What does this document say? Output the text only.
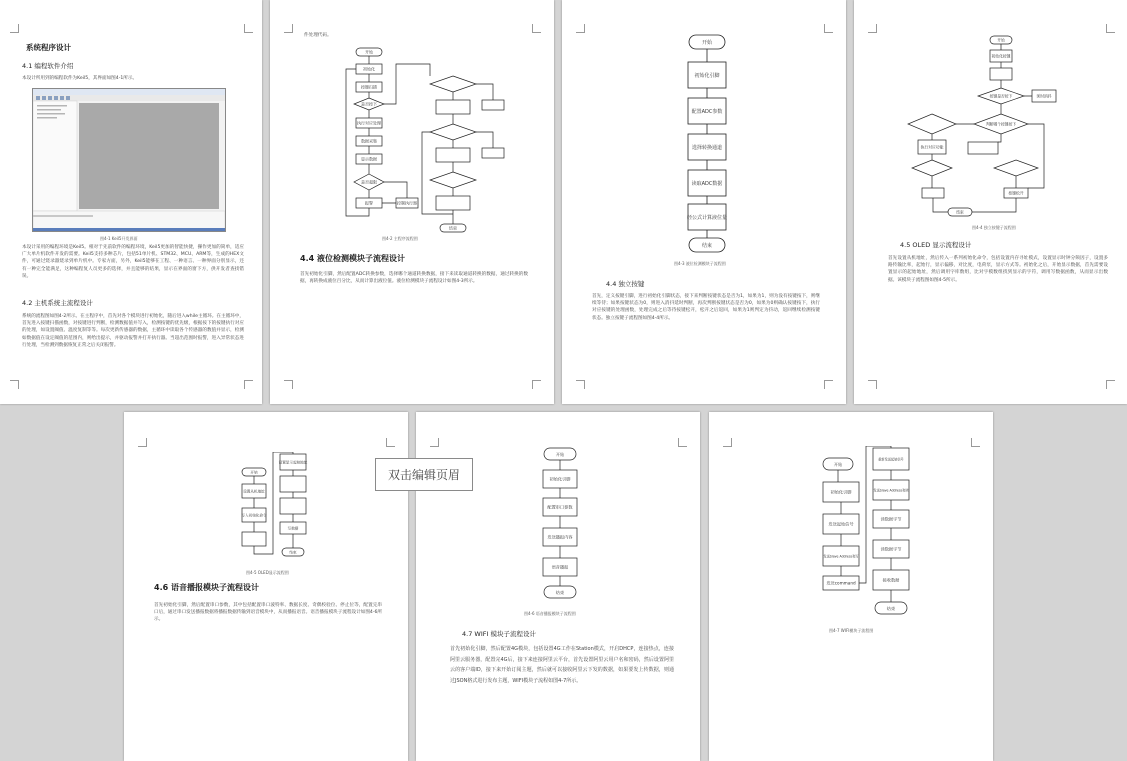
系统程序设计
4.1 编程软件介绍
本设计所用到的编程软件为Keil5，其界面如图4-1所示。
图4-1 Keil5开发界面
本设计采用的编程环境是Keil5。相对于先前软件的编程环境，Keil5更加的智能快捷，操作更加的简单，适应广大单片机软件开发的需要。Keil5支持多种芯片，包括51单片机、STM32、MCU、ARM等，生成的HEX文件，可通过烧录器烧录到单片机中。专家方面，另外，Keil5能够在工程、一种语言、一种界面分别显示，还有一种完全能满足，这种编程复人员更多的选择，并且能够的结果，显示在界面的窗下方，供开发者查找错误。
4.2 主机系统主流程设计
系统的流程图如图4-2所示。在主程序中，首先对各个模块进行初始化，随后进入while主循环。在主循环中，首先进入按键扫描函数，对按键进行判断，检测数据值并写入，检测按键的优先级，根据按下的按键执行对应的处理，如设置阈值、温度复制等等。每次更新传感器的数据，主循环中读取各个传感器的数值并显示，检测如数据值在设定阈值的范围内，则给出提示，并驱动报警并打开执行器。当超出范围时报警，进入异常状态进行处理，当检测到数据恢复正常之后关闭报警。
件处理代码。
开始
初始化
按键扫描
是否按下
执行对应处理
数据采集
显示数据
是否超限
报警	控制执行器
结束
图4-2 主程序流程图
4.4 液位检测模块子流程设计
首先初始化引脚，然后配置ADC转换参数，选择哪个通道转换数据，接下来读取通道转换的数据，通过转换的数据，再转换成液位百分比，从而计算出液位值。液位检测模块子流程设计如图4-3所示。
开始
初始化引脚
配置ADC参数
选择转换通道
读取ADC数据
经公式计算液位量
结束
图4-3 液位检测模块子流程图
4.4 独立按键
首先，定义按键引脚，进行初始化引脚状态，接下来判断按键状态是否为1，如果为1，则为没有按键按下，则继续等待；如果按键状态为0，则进入消抖延时判断，再次判断按键状态是否为0，如果为0则确认按键按下，执行对应按键的处理函数，处理完成之后等待按键松开，松开之后返回，如果为1则判定为抖动，返回继续检测按键状态。独立按键子流程图如图4-4所示。
开始
初始化按键
按键是否按下	延时消抖
判断哪个按键按下
执行对应功能
按键松开
结束
图4-4 独立按键子流程图
4.5 OLED 显示流程设计
首先设置从机地址，然后传入一系列初始化命令，包括设置内存寻址模式，设置显示时钟分频因子，设置多路传输比率，起始行，显示偏移，对比度，电荷泵，显示方式等。初始化之后，开始显示数据，首先需要设置显示的起始地址，然后调用字库数组，比对字模数组找到显示的字符，调用写数据函数，从而显示出数据。该模块子流程图如图4-5所示。
开始
设置从机地址
写入初始化命令
设置显示起始地址
写数据
结束
图4-5 OLED显示流程图
4.6 语音播报模块子流程设计
首先初始化引脚，然后配置串口参数，其中包括配置串口波特率、数据长度、奇偶校验位、停止位等，配置完串口后，通过串口发送播报数据将播报数据传输到语音模块中，从而播报语音。语音播报模块子流程设计如图4-6所示。
开始
初始化引脚
配置串口参数
发送播报内容
语音播报
结束
图4-6 语音播报模块子流程图
4.7 WIFI 模块子流程设计
首先初始化引脚，然后配置4G模块，包括设置4G工作在Station模式，开启DHCP，连接热点，连接阿里云服务器，配置完4G后，接下来连接阿里云平台，首先设置阿里云用户名和密码，然后设置阿里云的客户端ID，接下来开始订阅主题，然后就可以接收阿里云下发的数据，如果要发上传数据，则通过JSON格式进行发布主题，WIFI模块子流程如图4-7所示。
开始
初始化引脚
发送起始信号
发送Slave Address和写
发送command
重新发送起始信号
发送Slave Address和读
读数据字节
读数据字节
接收数据
结束
图4-7 WIFI模块子流程图
双击编辑页眉
